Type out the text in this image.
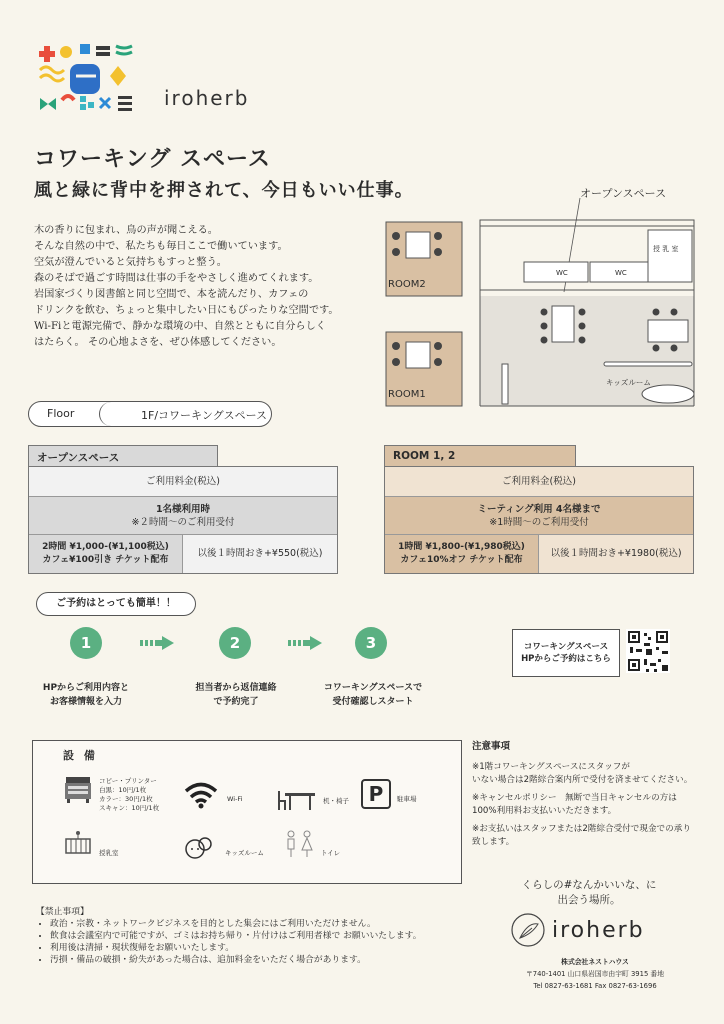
iroherb
コワーキング スペース
風と緑に背中を押されて、今日もいい仕事。
木の香りに包まれ、鳥の声が聞こえる。
そんな自然の中で、私たちも毎日ここで働いています。
空気が澄んでいると気持ちもすっと整う。
森のそばで過ごす時間は仕事の手をやさしく進めてくれます。
岩国家づくり図書館と同じ空間で、本を読んだり、カフェの
ドリンクを飲む、ちょっと集中したい日にもぴったりな空間です。
Wi-Fiと電源完備で、静かな環境の中、自然とともに自分らしく
はたらく。 その心地よさを、ぜひ体感してください。
オープンスペース
ROOM2
ROOM1
授 乳 室
WC	WC
キッズルーム
Floor	1F/コワーキングスペース
オープンスペース
ご利用料金(税込)
1名様利用時
※２時間〜のご利用受付
2時間 ¥1,000-(¥1,100税込)
カフェ¥100引き チケット配布
以後１時間おき+¥550(税込)
ROOM 1, 2
ご利用料金(税込)
ミーティング利用 4名様まで
※1時間〜のご利用受付
1時間 ¥1,800-(¥1,980税込)
カフェ10%オフ チケット配布
以後１時間おき+¥1980(税込)
ご予約はとっても簡単！！
1	2	3
HPからご利用内容と
お客様情報を入力
担当者から返信連絡
で予約完了
コワーキングスペースで
受付確認しスタート
コワーキングスペース
HPからご予約はこちら
設 備
コピー・プリンター
白黒：10円/1枚
カラー：30円/1枚
スキャン：10円/1枚
Wi-Fi	机・椅子 P	駐車場
授乳室	キッズルーム	トイレ
注意事項
※1階コワーキングスペースにスタッフが
いない場合は2階綜合案内所で受付を済ませてください。
※キャンセルポリシー　無断で当日キャンセルの方は
100%利用料お支払いいただきます。
※お支払いはスタッフまたは2階綜合受付で現金での承り
致します。
【禁止事項】
• 政治・宗教・ネットワークビジネスを目的とした集会にはご利用いただけません。
• 飲食は会議室内で可能ですが、ゴミはお持ち帰り・片付けはご利用者様で お願いいたします。
• 利用後は清掃・現状復帰をお願いいたします。
• 汚損・備品の破損・紛失があった場合は、追加料金をいただく場合があります。
くらしの#なんかいいな、に
出会う場所。
iroherb
株式会社ネストハウス
〒740-1401 山口県岩国市由宇町 3915 番地
Tel 0827-63-1681 Fax 0827-63-1696
